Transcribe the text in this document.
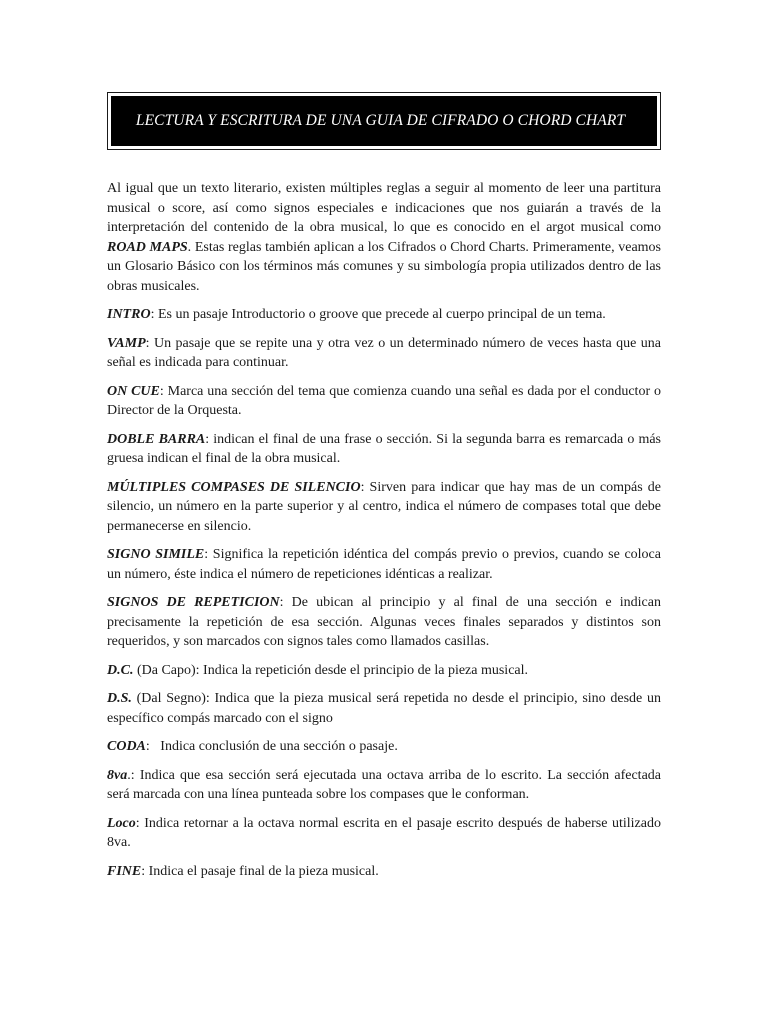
LECTURA Y ESCRITURA DE UNA GUIA DE CIFRADO O CHORD CHART

Al igual que un texto literario, existen múltiples reglas a seguir al momento de leer una partitura musical o score, así como signos especiales e indicaciones que nos guiarán a través de la interpretación del contenido de la obra musical, lo que es conocido en el argot musical como ROAD MAPS. Estas reglas también aplican a los Cifrados o Chord Charts. Primeramente, veamos un Glosario Básico con los términos más comunes y su simbología propia utilizados dentro de las obras musicales.

INTRO: Es un pasaje Introductorio o groove que precede al cuerpo principal de un tema.

VAMP: Un pasaje que se repite una y otra vez o un determinado número de veces hasta que una señal es indicada para continuar.

ON CUE: Marca una sección del tema que comienza cuando una señal es dada por el conductor o Director de la Orquesta.

DOBLE BARRA: indican el final de una frase o sección. Si la segunda barra es remarcada o más gruesa indican el final de la obra musical.

MÚLTIPLES COMPASES DE SILENCIO: Sirven para indicar que hay mas de un compás de silencio, un número en la parte superior y al centro, indica el número de compases total que debe permanecerse en silencio.

SIGNO SIMILE: Significa la repetición idéntica del compás previo o previos, cuando se coloca un número, éste indica el número de repeticiones idénticas a realizar.

SIGNOS DE REPETICION: De ubican al principio y al final de una sección e indican precisamente la repetición de esa sección. Algunas veces finales separados y distintos son requeridos, y son marcados con signos tales como llamados casillas.

D.C. (Da Capo): Indica la repetición desde el principio de la pieza musical.

D.S. (Dal Segno): Indica que la pieza musical será repetida no desde el principio, sino desde un específico compás marcado con el signo

CODA:   Indica conclusión de una sección o pasaje.

8va.: Indica que esa sección será ejecutada una octava arriba de lo escrito. La sección afectada será marcada con una línea punteada sobre los compases que le conforman.

Loco: Indica retornar a la octava normal escrita en el pasaje escrito después de haberse utilizado 8va.

FINE: Indica el pasaje final de la pieza musical.
